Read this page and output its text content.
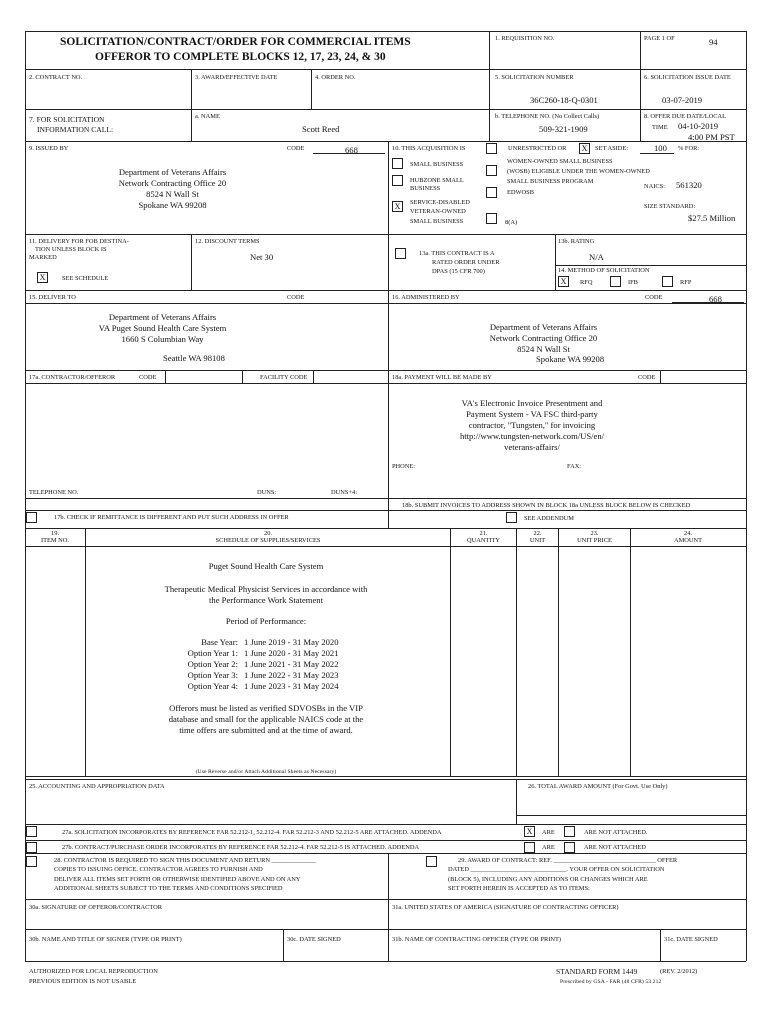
SOLICITATION/CONTRACT/ORDER FOR COMMERCIAL ITEMS
OFFEROR TO COMPLETE BLOCKS 12, 17, 23, 24, & 30
1. REQUISITION NO.	PAGE 1 OF	94
2. CONTRACT NO.	3. AWARD/EFFECTIVE DATE	4. ORDER NO.	5. SOLICITATION NUMBER
36C260-18-Q-0301
6. SOLICITATION ISSUE DATE
03-07-2019
7. FOR SOLICITATION
INFORMATION CALL:
a. NAME
Scott Reed
b. TELEPHONE NO. (No Collect Calls)
509-321-1909
8. OFFER DUE DATE/LOCAL
TIME 04-10-2019
4:00 PM PST
9. ISSUED BY	CODE	668
Department of Veterans Affairs
Network Contracting Office 20
8524 N Wall St
Spokane WA 99208
10. THIS ACQUISITION IS	UNRESTRICTED OR	X	SET ASIDE:	100 % FOR:
SMALL BUSINESS
HUBZONE SMALL
BUSINESS
X	SERVICE-DISABLED
VETERAN-OWNED
SMALL BUSINESS
WOMEN-OWNED SMALL BUSINESS
(WOSB) ELIGIBLE UNDER THE WOMEN-OWNED
SMALL BUSINESS PROGRAM
EDWOSB
8(A)
NAICS: 561320
SIZE STANDARD:
$27.5 Million
11. DELIVERY FOR FOB DESTINA-
TION UNLESS BLOCK IS
MARKED
X	SEE SCHEDULE
12. DISCOUNT TERMS
Net 30	13a. THIS CONTRACT IS A
RATED ORDER UNDER
DPAS (15 CFR 700)
13b. RATING
N/A
14. METHOD OF SOLICITATION
X	RFQ	IFB	RFP
15. DELIVER TO	CODE
Department of Veterans Affairs
VA Puget Sound Health Care System
1660 S Columbian Way
Seattle WA 98108
16. ADMINISTERED BY	CODE	668
Department of Veterans Affairs
Network Contracting Office 20
8524 N Wall St
Spokane WA 99208
17a. CONTRACTOR/OFFEROR	CODE	FACILITY CODE
TELEPHONE NO.	DUNS:	DUNS+4:
17b. CHECK IF REMITTANCE IS DIFFERENT AND PUT SUCH ADDRESS IN OFFER
18a. PAYMENT WILL BE MADE BY	CODE
VA's Electronic Invoice Presentment and
Payment System - VA FSC third-party
contractor, "Tungsten," for invoicing
http://www.tungsten-network.com/US/en/
veterans-affairs/
PHONE:	FAX:
18b. SUBMIT INVOICES TO ADDRESS SHOWN IN BLOCK 18a UNLESS BLOCK BELOW IS CHECKED
SEE ADDENDUM
19.
ITEM NO.
20.
SCHEDULE OF SUPPLIES/SERVICES
21.
QUANTITY
22.
UNIT
23.
UNIT PRICE
24.
AMOUNT
Puget Sound Health Care System
Therapeutic Medical Physicist Services in accordance with
the Performance Work Statement
Period of Performance:
Base Year: 1 June 2019 - 31 May 2020
Option Year 1: 1 June 2020 - 31 May 2021
Option Year 2: 1 June 2021 - 31 May 2022
Option Year 3: 1 June 2022 - 31 May 2023
Option Year 4: 1 June 2023 - 31 May 2024
Offerors must be listed as verified SDVOSBs in the VIP
database and small for the applicable NAICS code at the
time offers are submitted and at the time of award.
(Use Reverse and/or Attach Additional Sheets as Necessary)
25. ACCOUNTING AND APPROPRIATION DATA	26. TOTAL AWARD AMOUNT (For Govt. Use Only)
27a. SOLICITATION INCORPORATES BY REFERENCE FAR 52.212-1, 52.212-4. FAR 52.212-3 AND 52.212-5 ARE ATTACHED. ADDENDA	X	ARE	ARE NOT ATTACHED.
27b. CONTRACT/PURCHASE ORDER INCORPORATES BY REFERENCE FAR 52.212-4. FAR 52.212-5 IS ATTACHED. ADDENDA	ARE	ARE NOT ATTACHED
28. CONTRACTOR IS REQUIRED TO SIGN THIS DOCUMENT AND RETURN ______________
COPIES TO ISSUING OFFICE. CONTRACTOR AGREES TO FURNISH AND
DELIVER ALL ITEMS SET FORTH OR OTHERWISE IDENTIFIED ABOVE AND ON ANY
ADDITIONAL SHEETS SUBJECT TO THE TERMS AND CONDITIONS SPECIFIED
29. AWARD OF CONTRACT: REF. ________________________________ OFFER
DATED ______________________________. YOUR OFFER ON SOLICITATION
(BLOCK 5), INCLUDING ANY ADDITIONS OR CHANGES WHICH ARE
SET FORTH HEREIN IS ACCEPTED AS TO ITEMS:
30a. SIGNATURE OF OFFEROR/CONTRACTOR	31a. UNITED STATES OF AMERICA (SIGNATURE OF CONTRACTING OFFICER)
30b. NAME AND TITLE OF SIGNER (TYPE OR PRINT)	30c. DATE SIGNED	31b. NAME OF CONTRACTING OFFICER (TYPE OR PRINT)	31c. DATE SIGNED
AUTHORIZED FOR LOCAL REPRODUCTION
PREVIOUS EDITION IS NOT USABLE
STANDARD FORM 1449	(REV. 2/2012)
Prescribed by GSA - FAR (48 CFR) 53.212
